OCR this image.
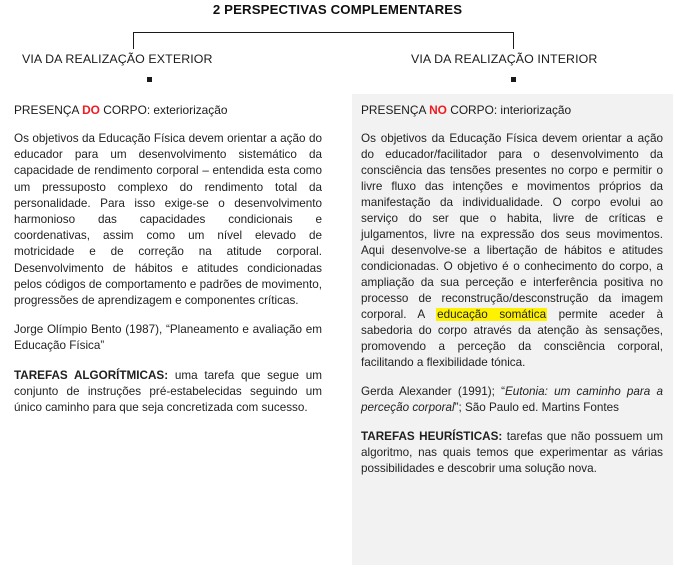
2 PERSPECTIVAS COMPLEMENTARES
VIA DA REALIZAÇÃO EXTERIOR	VIA DA REALIZAÇÃO INTERIOR
PRESENÇA DO CORPO: exteriorização

Os objetivos da Educação Física devem orientar a ação do educador para um desenvolvimento sistemático da capacidade de rendimento corporal – entendida esta como um pressuposto complexo do rendimento total da personalidade. Para isso exige-se o desenvolvimento harmonioso das capacidades condicionais e coordenativas, assim como um nível elevado de motricidade e de correção na atitude corporal. Desenvolvimento de hábitos e atitudes condicionadas pelos códigos de comportamento e padrões de movimento, progressões de aprendizagem e componentes críticas.

Jorge Olímpio Bento (1987), “Planeamento e avaliação em Educação Física”

TAREFAS ALGORÍTMICAS: uma tarefa que segue um conjunto de instruções pré-estabelecidas seguindo um único caminho para que seja concretizada com sucesso.

PRESENÇA NO CORPO: interiorização

Os objetivos da Educação Física devem orientar a ação do educador/facilitador para o desenvolvimento da consciência das tensões presentes no corpo e permitir o livre fluxo das intenções e movimentos próprios da manifestação da individualidade. O corpo evolui ao serviço do ser que o habita, livre de críticas e julgamentos, livre na expressão dos seus movimentos. Aqui desenvolve-se a libertação de hábitos e atitudes condicionadas. O objetivo é o conhecimento do corpo, a ampliação da sua perceção e interferência positiva no processo de reconstrução/desconstrução da imagem corporal. A educação somática permite aceder à sabedoria do corpo através da atenção às sensações, promovendo a perceção da consciência corporal, facilitando a flexibilidade tónica.

Gerda Alexander (1991); “Eutonia: um caminho para a perceção corporal”; São Paulo ed. Martins Fontes

TAREFAS HEURÍSTICAS: tarefas que não possuem um algoritmo, nas quais temos que experimentar as várias possibilidades e descobrir uma solução nova.
